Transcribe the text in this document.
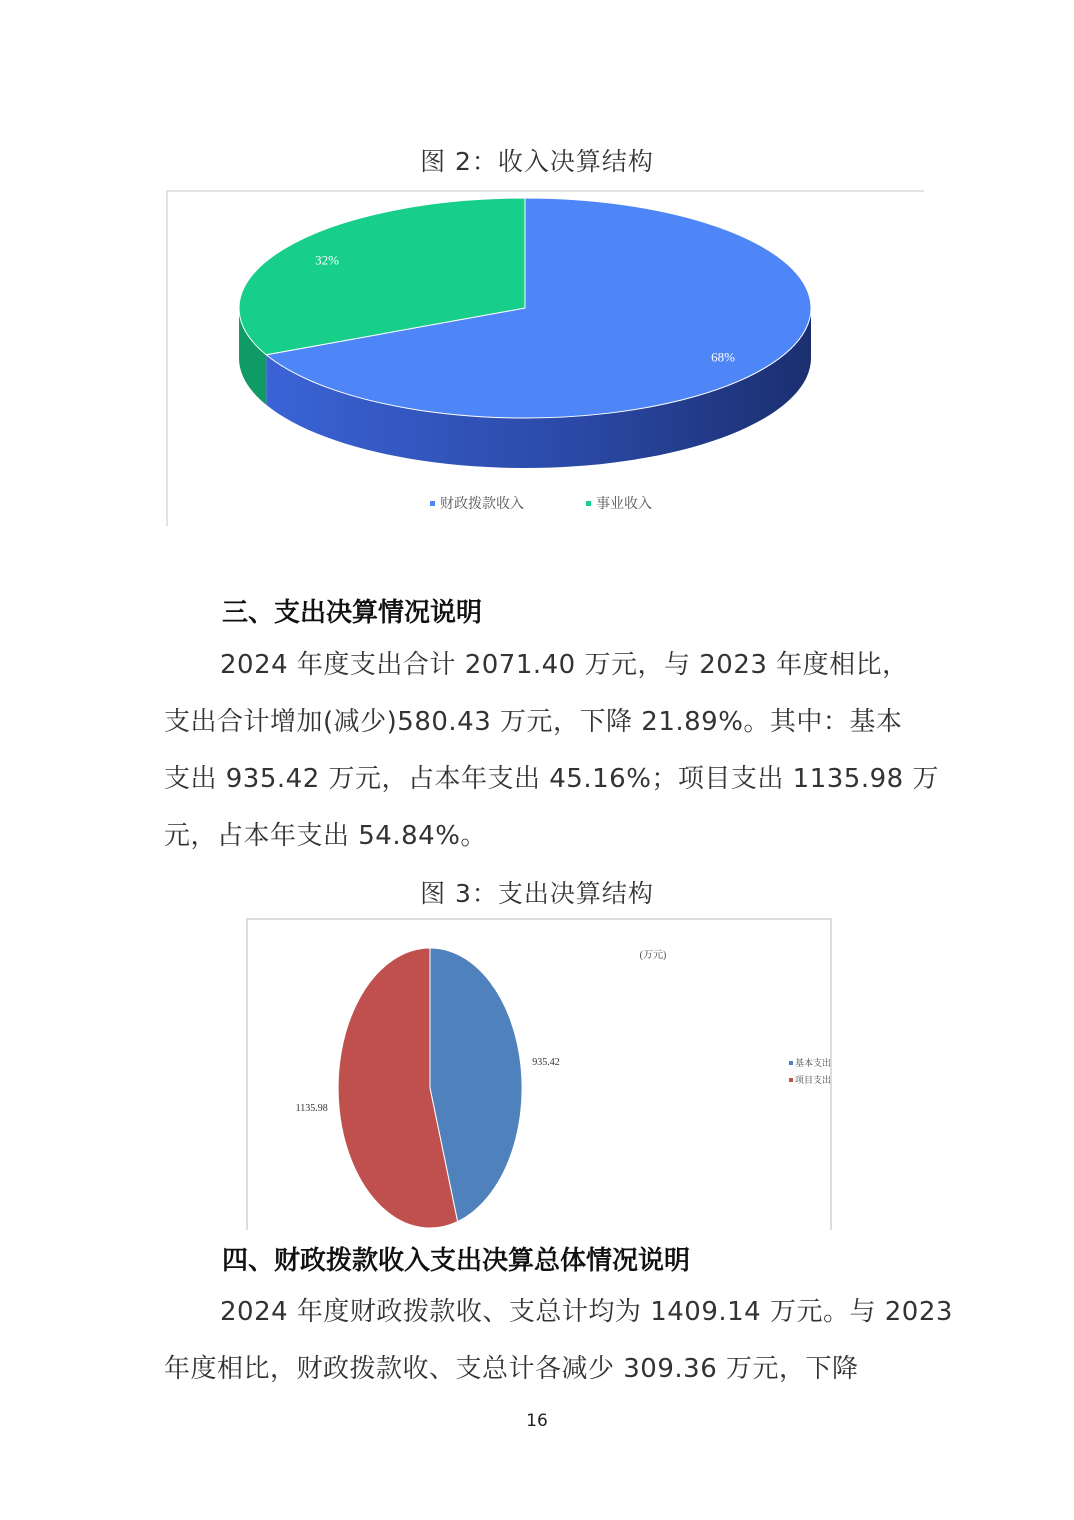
图 2：收入决算结构
68%
32%
财政拨款收入	事业收入
三、支出决算情况说明
2024 年度支出合计 2071.40 万元，与 2023 年度相比，
支出合计增加(减少)580.43 万元，下降 21.89%。其中：基本
支出 935.42 万元，占本年支出 45.16%；项目支出 1135.98 万
元，占本年支出 54.84%。
图 3：支出决算结构
(万元)
935.42
1135.98
基本支出
项目支出
四、财政拨款收入支出决算总体情况说明
2024 年度财政拨款收、支总计均为 1409.14 万元。与 2023
年度相比，财政拨款收、支总计各减少 309.36 万元，下降
16
